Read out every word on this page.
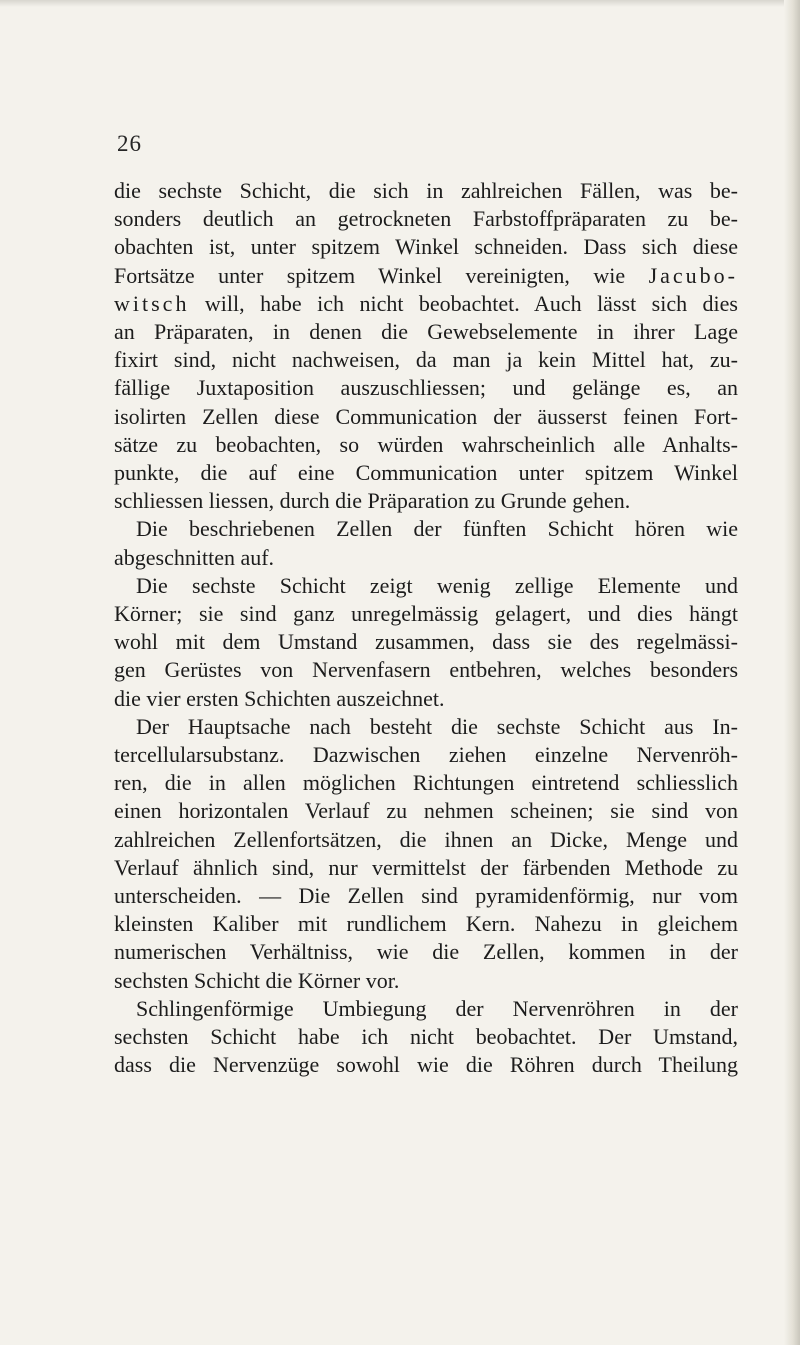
26

die sechste Schicht, die sich in zahlreichen Fällen, was be-
sonders deutlich an getrockneten Farbstoffpräparaten zu be-
obachten ist, unter spitzem Winkel schneiden. Dass sich diese
Fortsätze unter spitzem Winkel vereinigten, wie Jacubo-
witsch will, habe ich nicht beobachtet. Auch lässt sich dies
an Präparaten, in denen die Gewebselemente in ihrer Lage
fixirt sind, nicht nachweisen, da man ja kein Mittel hat, zu-
fällige Juxtaposition auszuschliessen; und gelänge es, an
isolirten Zellen diese Communication der äusserst feinen Fort-
sätze zu beobachten, so würden wahrscheinlich alle Anhalts-
punkte, die auf eine Communication unter spitzem Winkel
schliessen liessen, durch die Präparation zu Grunde gehen.

Die beschriebenen Zellen der fünften Schicht hören wie
abgeschnitten auf.

Die sechste Schicht zeigt wenig zellige Elemente und
Körner; sie sind ganz unregelmässig gelagert, und dies hängt
wohl mit dem Umstand zusammen, dass sie des regelmässi-
gen Gerüstes von Nervenfasern entbehren, welches besonders
die vier ersten Schichten auszeichnet.

Der Hauptsache nach besteht die sechste Schicht aus In-
tercellularsubstanz. Dazwischen ziehen einzelne Nervenröh-
ren, die in allen möglichen Richtungen eintretend schliesslich
einen horizontalen Verlauf zu nehmen scheinen; sie sind von
zahlreichen Zellenfortsätzen, die ihnen an Dicke, Menge und
Verlauf ähnlich sind, nur vermittelst der färbenden Methode zu
unterscheiden. — Die Zellen sind pyramidenförmig, nur vom
kleinsten Kaliber mit rundlichem Kern. Nahezu in gleichem
numerischen Verhältniss, wie die Zellen, kommen in der
sechsten Schicht die Körner vor.

Schlingenförmige Umbiegung der Nervenröhren in der
sechsten Schicht habe ich nicht beobachtet. Der Umstand,
dass die Nervenzüge sowohl wie die Röhren durch Theilung
